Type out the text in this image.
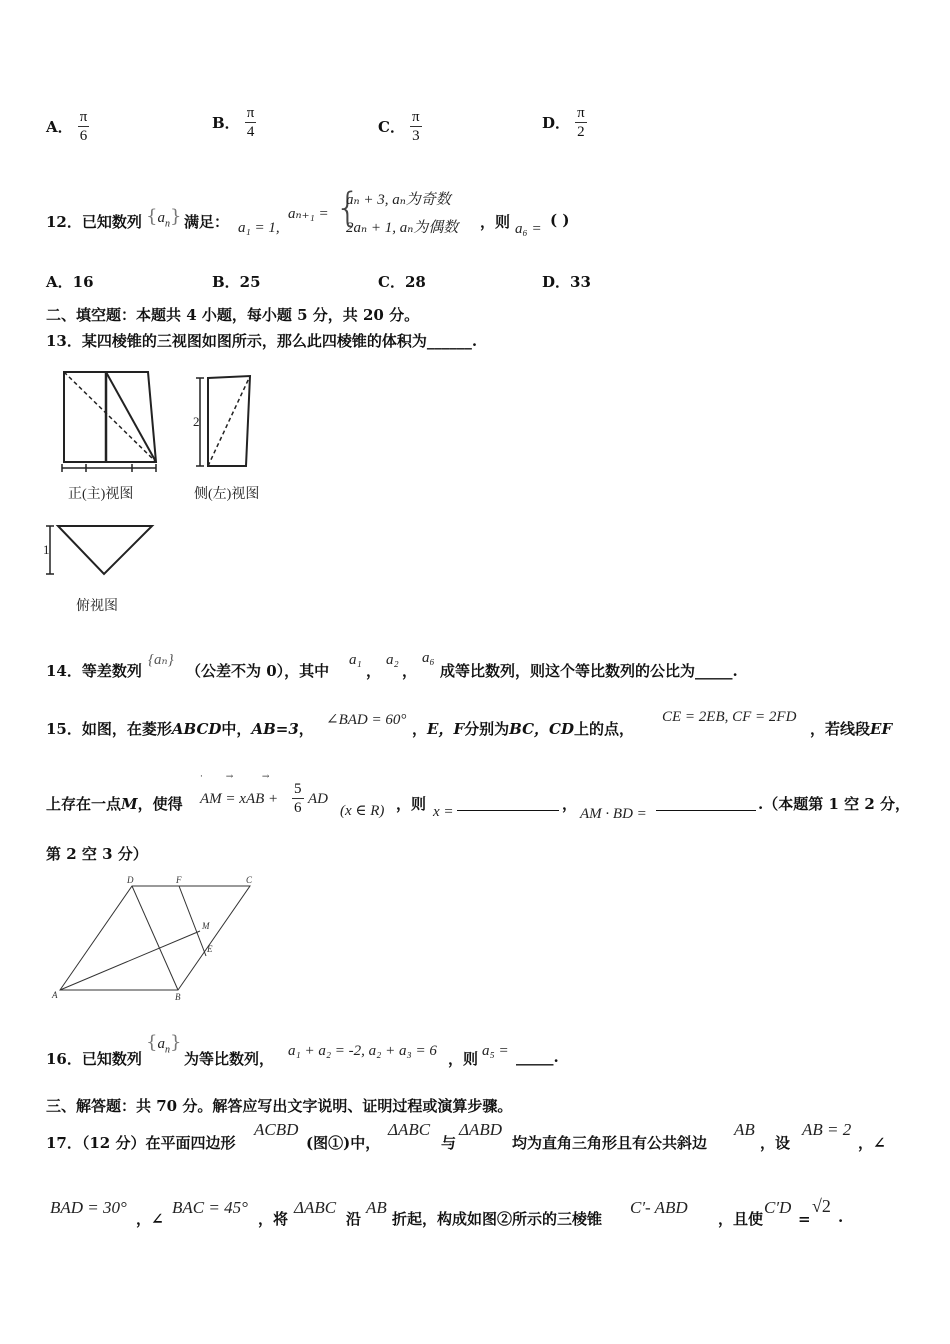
A． $\frac{\pi}{6}$	B． $\frac{\pi}{4}$	C． $\frac{\pi}{3}$	D． $\frac{\pi}{2}$
12．已知数列 $\{a_n\}$ 满足： a₁ = 1,
aₙ₊₁ = {
aₙ + 3, aₙ为奇数
2aₙ + 1, aₙ为偶数 ，则 a₆ = ( )
A．16	B．25	C．28	D．33
二、填空题：本题共 4 小题，每小题 5 分，共 20 分。
13．某四棱锥的三视图如图所示，那么此四棱锥的体积为______.
正(主)视图
2
侧(左)视图
1
俯视图
14．等差数列
{aₙ}
（公差不为 0），其中
a₁
，
a₂
，
a₆
成等比数列，则这个等比数列的公比为_____.
15．如图，在菱形ABCD中，AB=3， ∠BAD = 60° ，E，F分别为BC，CD上的点，
CE = 2EB, CF = 2FD
，若线段EF
上存在一点M，使得
·        →          →
AM = xAB + $\frac{5}{6}$ AD
(x ∈ R) ，则 x =	，
AM · BD =
.（本题第 1 空 2 分，
第 2 空 3 分）
A	B
C
D
E
F
M
16．已知数列
$\{a_n\}$
为等比数列， a₁ + a₂ = -2, a₂ + a₃ = 6 ，则 a₅ = _____.
三、解答题：共 70 分。解答应写出文字说明、证明过程或演算步骤。
17．（12 分）在平面四边形
ACBD
(图①)中，
ΔABC
与
ΔABD
均为直角三角形且有公共斜边
AB
，设
AB = 2
，∠
BAD = 30°
，∠
BAC = 45°
，将
ΔABC
沿
AB
折起，构成如图②所示的三棱锥
C′- ABD
，且使
C′D
=
√2
.
